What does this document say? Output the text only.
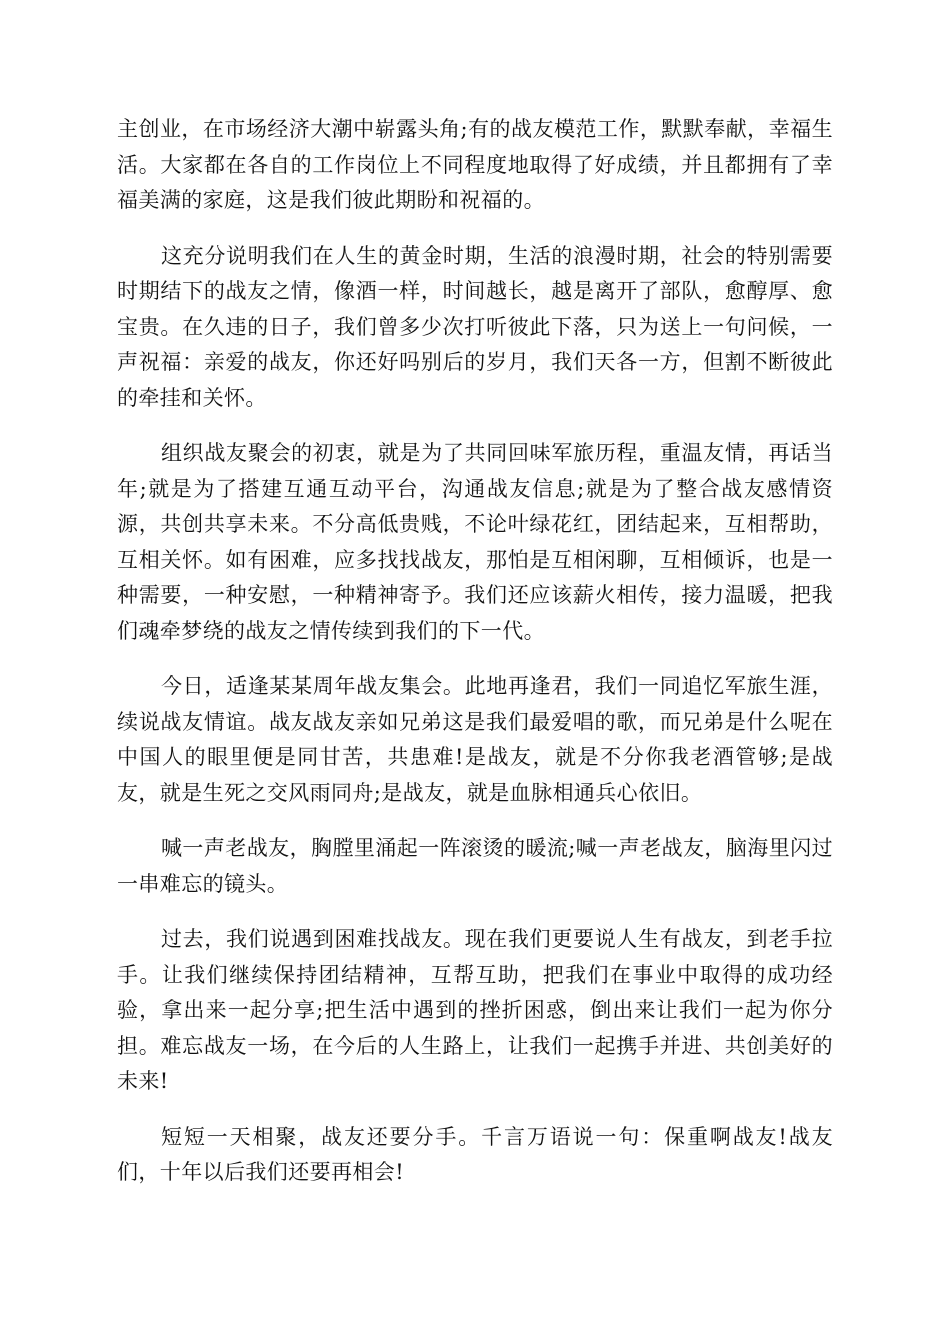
主创业，在市场经济大潮中崭露头角;有的战友模范工作，默默奉献，幸福生活。大家都在各自的工作岗位上不同程度地取得了好成绩，并且都拥有了幸福美满的家庭，这是我们彼此期盼和祝福的。

这充分说明我们在人生的黄金时期，生活的浪漫时期，社会的特别需要时期结下的战友之情，像酒一样，时间越长，越是离开了部队，愈醇厚、愈宝贵。在久违的日子，我们曾多少次打听彼此下落，只为送上一句问候，一声祝福：亲爱的战友，你还好吗别后的岁月，我们天各一方，但割不断彼此的牵挂和关怀。

组织战友聚会的初衷，就是为了共同回味军旅历程，重温友情，再话当年;就是为了搭建互通互动平台，沟通战友信息;就是为了整合战友感情资源，共创共享未来。不分高低贵贱，不论叶绿花红，团结起来，互相帮助，互相关怀。如有困难，应多找找战友，那怕是互相闲聊，互相倾诉，也是一种需要，一种安慰，一种精神寄予。我们还应该薪火相传，接力温暖，把我们魂牵梦绕的战友之情传续到我们的下一代。

今日，适逢某某周年战友集会。此地再逢君，我们一同追忆军旅生涯，续说战友情谊。战友战友亲如兄弟这是我们最爱唱的歌，而兄弟是什么呢在中国人的眼里便是同甘苦，共患难!是战友，就是不分你我老酒管够;是战友，就是生死之交风雨同舟;是战友，就是血脉相通兵心依旧。

喊一声老战友，胸膛里涌起一阵滚烫的暖流;喊一声老战友，脑海里闪过一串难忘的镜头。

过去，我们说遇到困难找战友。现在我们更要说人生有战友，到老手拉手。让我们继续保持团结精神，互帮互助，把我们在事业中取得的成功经验，拿出来一起分享;把生活中遇到的挫折困惑，倒出来让我们一起为你分担。难忘战友一场，在今后的人生路上，让我们一起携手并进、共创美好的未来!

短短一天相聚，战友还要分手。千言万语说一句：保重啊战友!战友们，十年以后我们还要再相会!
